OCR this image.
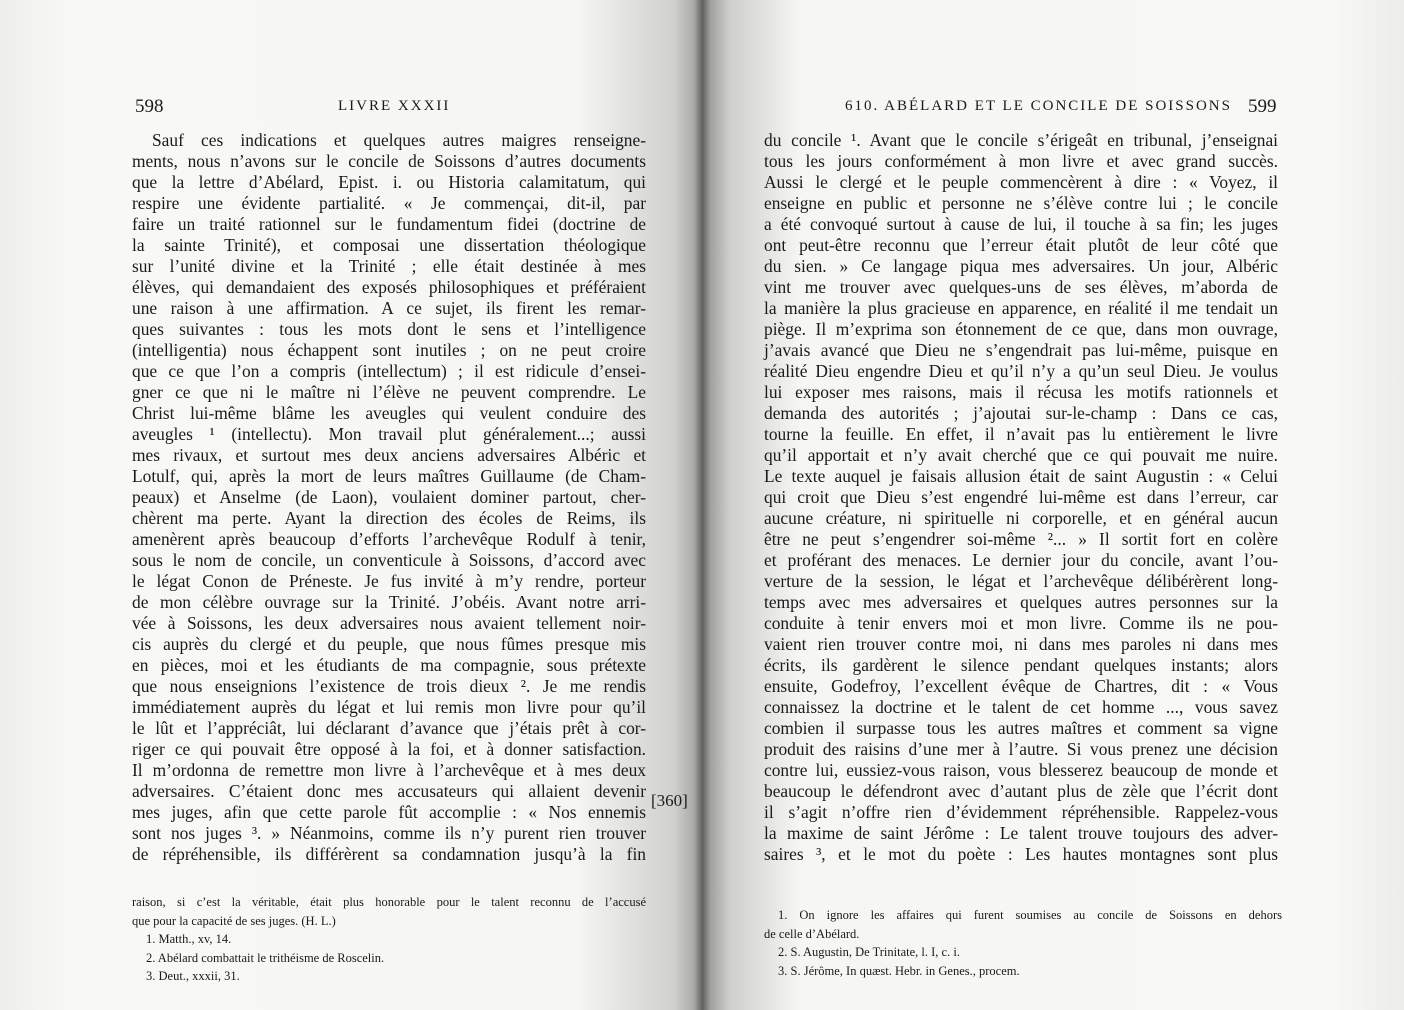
598	LIVRE XXXII
Sauf ces indications et quelques autres maigres renseigne-
ments, nous n’avons sur le concile de Soissons d’autres documents
que la lettre d’Abélard, Epist. i. ou Historia calamitatum, qui
respire une évidente partialité. « Je commençai, dit-il, par
faire un traité rationnel sur le fundamentum fidei (doctrine de
la sainte Trinité), et composai une dissertation théologique
sur l’unité divine et la Trinité ; elle était destinée à mes
élèves, qui demandaient des exposés philosophiques et préféraient
une raison à une affirmation. A ce sujet, ils firent les remar-
ques suivantes : tous les mots dont le sens et l’intelligence
(intelligentia) nous échappent sont inutiles ; on ne peut croire
que ce que l’on a compris (intellectum) ; il est ridicule d’ensei-
gner ce que ni le maître ni l’élève ne peuvent comprendre. Le
Christ lui-même blâme les aveugles qui veulent conduire des
aveugles ¹ (intellectu). Mon travail plut généralement...; aussi
mes rivaux, et surtout mes deux anciens adversaires Albéric et
Lotulf, qui, après la mort de leurs maîtres Guillaume (de Cham-
peaux) et Anselme (de Laon), voulaient dominer partout, cher-
chèrent ma perte. Ayant la direction des écoles de Reims, ils
amenèrent après beaucoup d’efforts l’archevêque Rodulf à tenir,
sous le nom de concile, un conventicule à Soissons, d’accord avec
le légat Conon de Préneste. Je fus invité à m’y rendre, porteur
de mon célèbre ouvrage sur la Trinité. J’obéis. Avant notre arri-
vée à Soissons, les deux adversaires nous avaient tellement noir-
cis auprès du clergé et du peuple, que nous fûmes presque mis
en pièces, moi et les étudiants de ma compagnie, sous prétexte
que nous enseignions l’existence de trois dieux ². Je me rendis
immédiatement auprès du légat et lui remis mon livre pour qu’il
le lût et l’appréciât, lui déclarant d’avance que j’étais prêt à cor-
riger ce qui pouvait être opposé à la foi, et à donner satisfaction.
Il m’ordonna de remettre mon livre à l’archevêque et à mes deux
adversaires. C’étaient donc mes accusateurs qui allaient devenir
mes juges, afin que cette parole fût accomplie : « Nos ennemis
sont nos juges ³. » Néanmoins, comme ils n’y purent rien trouver
de répréhensible, ils différèrent sa condamnation jusqu’à la fin
raison, si c’est la véritable, était plus honorable pour le talent reconnu de l’accusé
que pour la capacité de ses juges. (H. L.)
1. Matth., xv, 14.
2. Abélard combattait le trithéisme de Roscelin.
3. Deut., xxxii, 31.
610. ABÉLARD ET LE CONCILE DE SOISSONS 599
du concile ¹. Avant que le concile s’érigeât en tribunal, j’enseignai
tous les jours conformément à mon livre et avec grand succès.
Aussi le clergé et le peuple commencèrent à dire : « Voyez, il
enseigne en public et personne ne s’élève contre lui ; le concile
a été convoqué surtout à cause de lui, il touche à sa fin; les juges
ont peut-être reconnu que l’erreur était plutôt de leur côté que
du sien. » Ce langage piqua mes adversaires. Un jour, Albéric
vint me trouver avec quelques-uns de ses élèves, m’aborda de
la manière la plus gracieuse en apparence, en réalité il me tendait un
piège. Il m’exprima son étonnement de ce que, dans mon ouvrage,
j’avais avancé que Dieu ne s’engendrait pas lui-même, puisque en
réalité Dieu engendre Dieu et qu’il n’y a qu’un seul Dieu. Je voulus
lui exposer mes raisons, mais il récusa les motifs rationnels et
demanda des autorités ; j’ajoutai sur-le-champ : Dans ce cas,
tourne la feuille. En effet, il n’avait pas lu entièrement le livre
qu’il apportait et n’y avait cherché que ce qui pouvait me nuire.
Le texte auquel je faisais allusion était de saint Augustin : « Celui
qui croit que Dieu s’est engendré lui-même est dans l’erreur, car
aucune créature, ni spirituelle ni corporelle, et en général aucun
être ne peut s’engendrer soi-même ²... » Il sortit fort en colère
et proférant des menaces. Le dernier jour du concile, avant l’ou-
verture de la session, le légat et l’archevêque délibérèrent long-
temps avec mes adversaires et quelques autres personnes sur la
conduite à tenir envers moi et mon livre. Comme ils ne pou-
vaient rien trouver contre moi, ni dans mes paroles ni dans mes
écrits, ils gardèrent le silence pendant quelques instants; alors
ensuite, Godefroy, l’excellent évêque de Chartres, dit : « Vous
connaissez la doctrine et le talent de cet homme ..., vous savez
combien il surpasse tous les autres maîtres et comment sa vigne
produit des raisins d’une mer à l’autre. Si vous prenez une décision
contre lui, eussiez-vous raison, vous blesserez beaucoup de monde et
beaucoup le défendront avec d’autant plus de zèle que l’écrit dont
il s’agit n’offre rien d’évidemment répréhensible. Rappelez-vous
la maxime de saint Jérôme : Le talent trouve toujours des adver-
saires ³, et le mot du poète : Les hautes montagnes sont plus
1. On ignore les affaires qui furent soumises au concile de Soissons en dehors
de celle d’Abélard.
2. S. Augustin, De Trinitate, l. I, c. i.
3. S. Jérôme, In quæst. Hebr. in Genes., procem.
[360]
